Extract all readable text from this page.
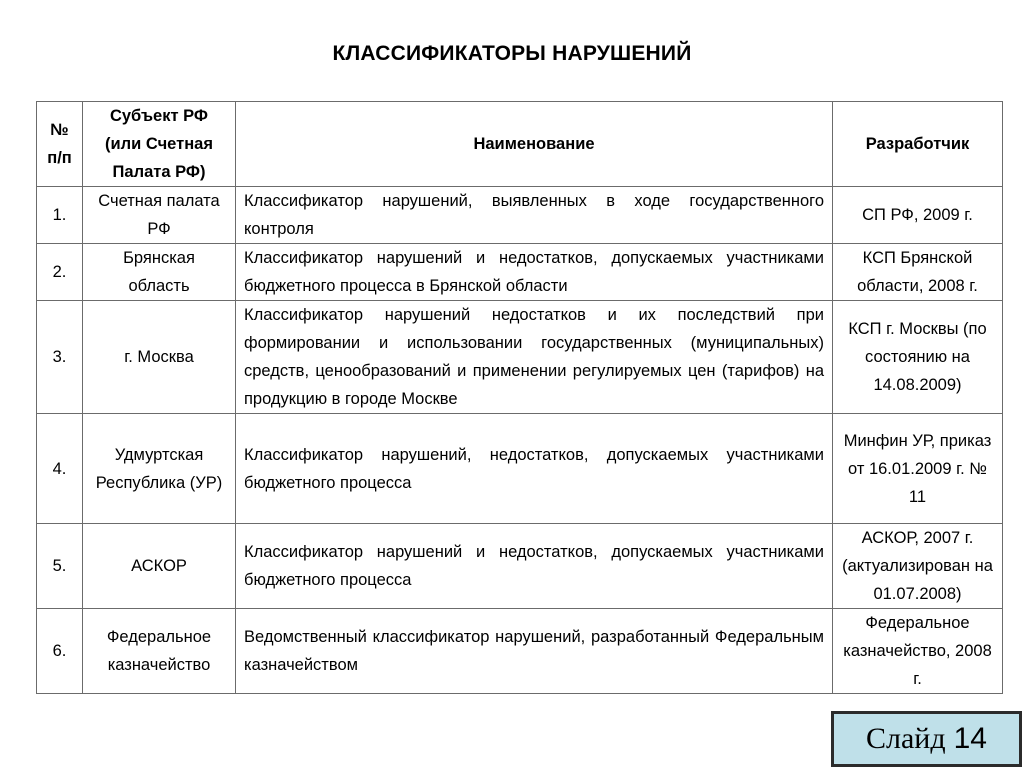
КЛАССИФИКАТОРЫ НАРУШЕНИЙ
№ п/п	Субъект РФ (или Счетная Палата РФ)	Наименование	Разработчик
1.	Счетная палата РФ	Классификатор нарушений, выявленных в ходе государственного контроля	СП РФ, 2009 г.
2.	Брянская область	Классификатор нарушений и недостатков, допускаемых участниками бюджетного процесса в Брянской области	КСП Брянской области, 2008 г.
3.	г. Москва	Классификатор нарушений недостатков и их последствий при формировании и использовании государственных (муниципальных) средств, ценообразований и применении регулируемых цен (тарифов) на продукцию в городе Москве	КСП г. Москвы (по состоянию на 14.08.2009)
4.	Удмуртская Республика (УР)	Классификатор нарушений, недостатков, допускаемых участниками бюджетного процесса	Минфин УР, приказ от 16.01.2009 г. № 11
5.	АСКОР	Классификатор нарушений и недостатков, допускаемых участниками бюджетного процесса	АСКОР, 2007 г. (актуализирован на 01.07.2008)
6.	Федеральное казначейство	Ведомственный классификатор нарушений, разработанный Федеральным казначейством	Федеральное казначейство, 2008 г.
Слайд 14
